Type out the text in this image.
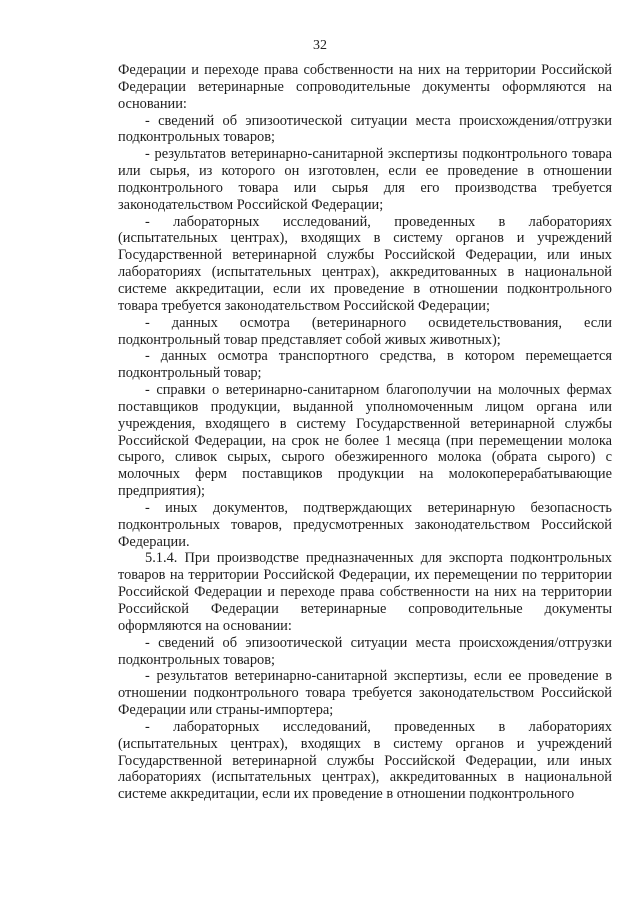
32

Федерации и переходе права собственности на них на территории Российской Федерации ветеринарные сопроводительные документы оформляются на основании:

- сведений об эпизоотической ситуации места происхождения/отгрузки подконтрольных товаров;

- результатов ветеринарно-санитарной экспертизы подконтрольного товара или сырья, из которого он изготовлен, если ее проведение в отношении подконтрольного товара или сырья для его производства требуется законодательством Российской Федерации;

- лабораторных исследований, проведенных в лабораториях (испытательных центрах), входящих в систему органов и учреждений Государственной ветеринарной службы Российской Федерации, или иных лабораториях (испытательных центрах), аккредитованных в национальной системе аккредитации, если их проведение в отношении подконтрольного товара требуется законодательством Российской Федерации;

- данных осмотра (ветеринарного освидетельствования, если подконтрольный товар представляет собой живых животных);

- данных осмотра транспортного средства, в котором перемещается подконтрольный товар;

- справки о ветеринарно-санитарном благополучии на молочных фермах поставщиков продукции, выданной уполномоченным лицом органа или учреждения, входящего в систему Государственной ветеринарной службы Российской Федерации, на срок не более 1 месяца (при перемещении молока сырого, сливок сырых, сырого обезжиренного молока (обрата сырого) с молочных ферм поставщиков продукции на молокоперерабатывающие предприятия);

- иных документов, подтверждающих ветеринарную безопасность подконтрольных товаров, предусмотренных законодательством Российской Федерации.

5.1.4. При производстве предназначенных для экспорта подконтрольных товаров на территории Российской Федерации, их перемещении по территории Российской Федерации и переходе права собственности на них на территории Российской Федерации ветеринарные сопроводительные документы оформляются на основании:

- сведений об эпизоотической ситуации места происхождения/отгрузки подконтрольных товаров;

- результатов ветеринарно-санитарной экспертизы, если ее проведение в отношении подконтрольного товара требуется законодательством Российской Федерации или страны-импортера;

- лабораторных исследований, проведенных в лабораториях (испытательных центрах), входящих в систему органов и учреждений Государственной ветеринарной службы Российской Федерации, или иных лабораториях (испытательных центрах), аккредитованных в национальной системе аккредитации, если их проведение в отношении подконтрольного
